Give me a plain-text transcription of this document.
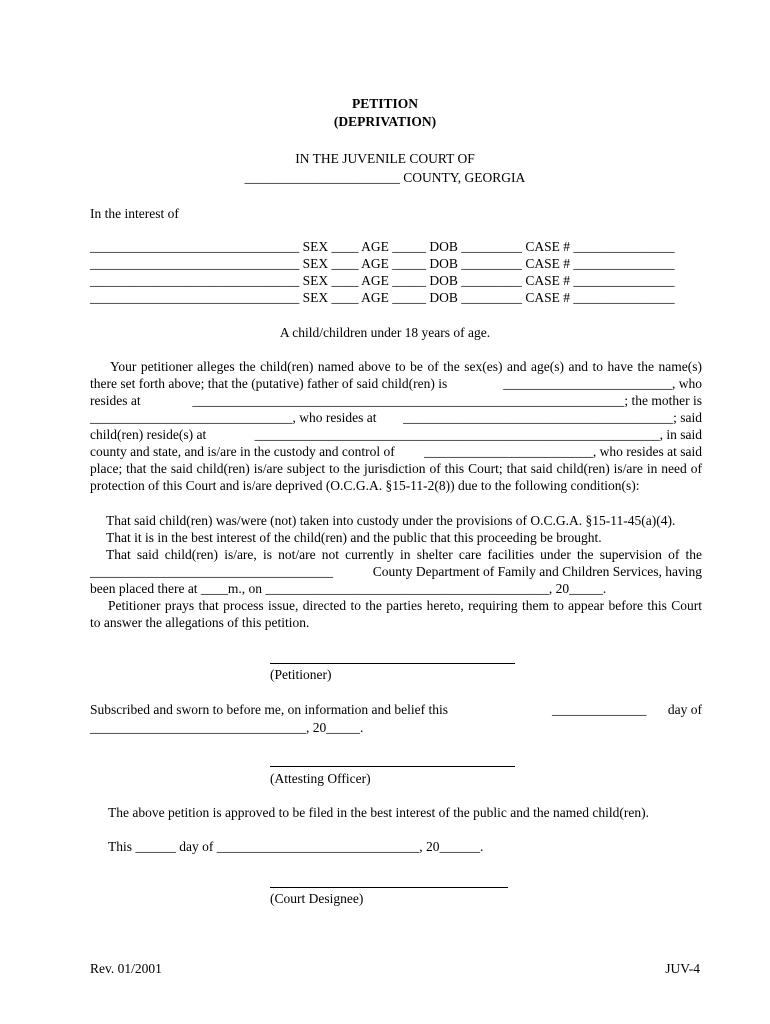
PETITION
(DEPRIVATION)
IN THE JUVENILE COURT OF
_______________________ COUNTY, GEORGIA
In the interest of
_______________________________ SEX ____ AGE _____ DOB _________ CASE # _______________
_______________________________ SEX ____ AGE _____ DOB _________ CASE # _______________
_______________________________ SEX ____ AGE _____ DOB _________ CASE # _______________
_______________________________ SEX ____ AGE _____ DOB _________ CASE # _______________
A child/children under 18 years of age.
Your petitioner alleges the child(ren) named above to be of the sex(es) and age(s) and to have the name(s)
there set forth above; that the (putative) father of said child(ren) is	_________________________, who
resides at	________________________________________________________________; the mother is
______________________________, who resides at ________________________________________; said
child(ren) reside(s) at	____________________________________________________________, in said
county and state, and is/are in the custody and control of _________________________, who resides at said
place; that the said child(ren) is/are subject to the jurisdiction of this Court; that said child(ren) is/are in need of
protection of this Court and is/are deprived (O.C.G.A. §15-11-2(8)) due to the following condition(s):
That said child(ren) was/were (not) taken into custody under the provisions of O.C.G.A. §15-11-45(a)(4).
That it is in the best interest of the child(ren) and the public that this proceeding be brought.
That said child(ren) is/are, is not/are not currently in shelter care facilities under the supervision of the
____________________________________	County Department of Family and Children Services, having
been placed there at ____m., on __________________________________________, 20_____.
Petitioner prays that process issue, directed to the parties hereto, requiring them to appear before this Court
to answer the allegations of this petition.
(Petitioner)
Subscribed and sworn to before me, on information and belief this	______________ day of
________________________________, 20_____.
(Attesting Officer)
The above petition is approved to be filed in the best interest of the public and the named child(ren).
This ______ day of ______________________________, 20______.
(Court Designee)
Rev. 01/2001	JUV-4
